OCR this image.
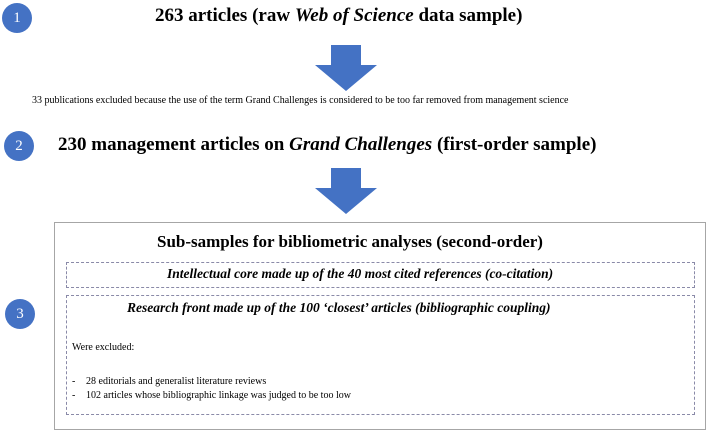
1	263 articles (raw Web of Science data sample)
33 publications excluded because the use of the term Grand Challenges is considered to be too far removed from management science
2	230 management articles on Grand Challenges (first-order sample)
3
Sub-samples for bibliometric analyses (second-order)
Intellectual core made up of the 40 most cited references (co-citation)
Research front made up of the 100 ‘closest’ articles (bibliographic coupling)
Were excluded:
- 28 editorials and generalist literature reviews
- 102 articles whose bibliographic linkage was judged to be too low
